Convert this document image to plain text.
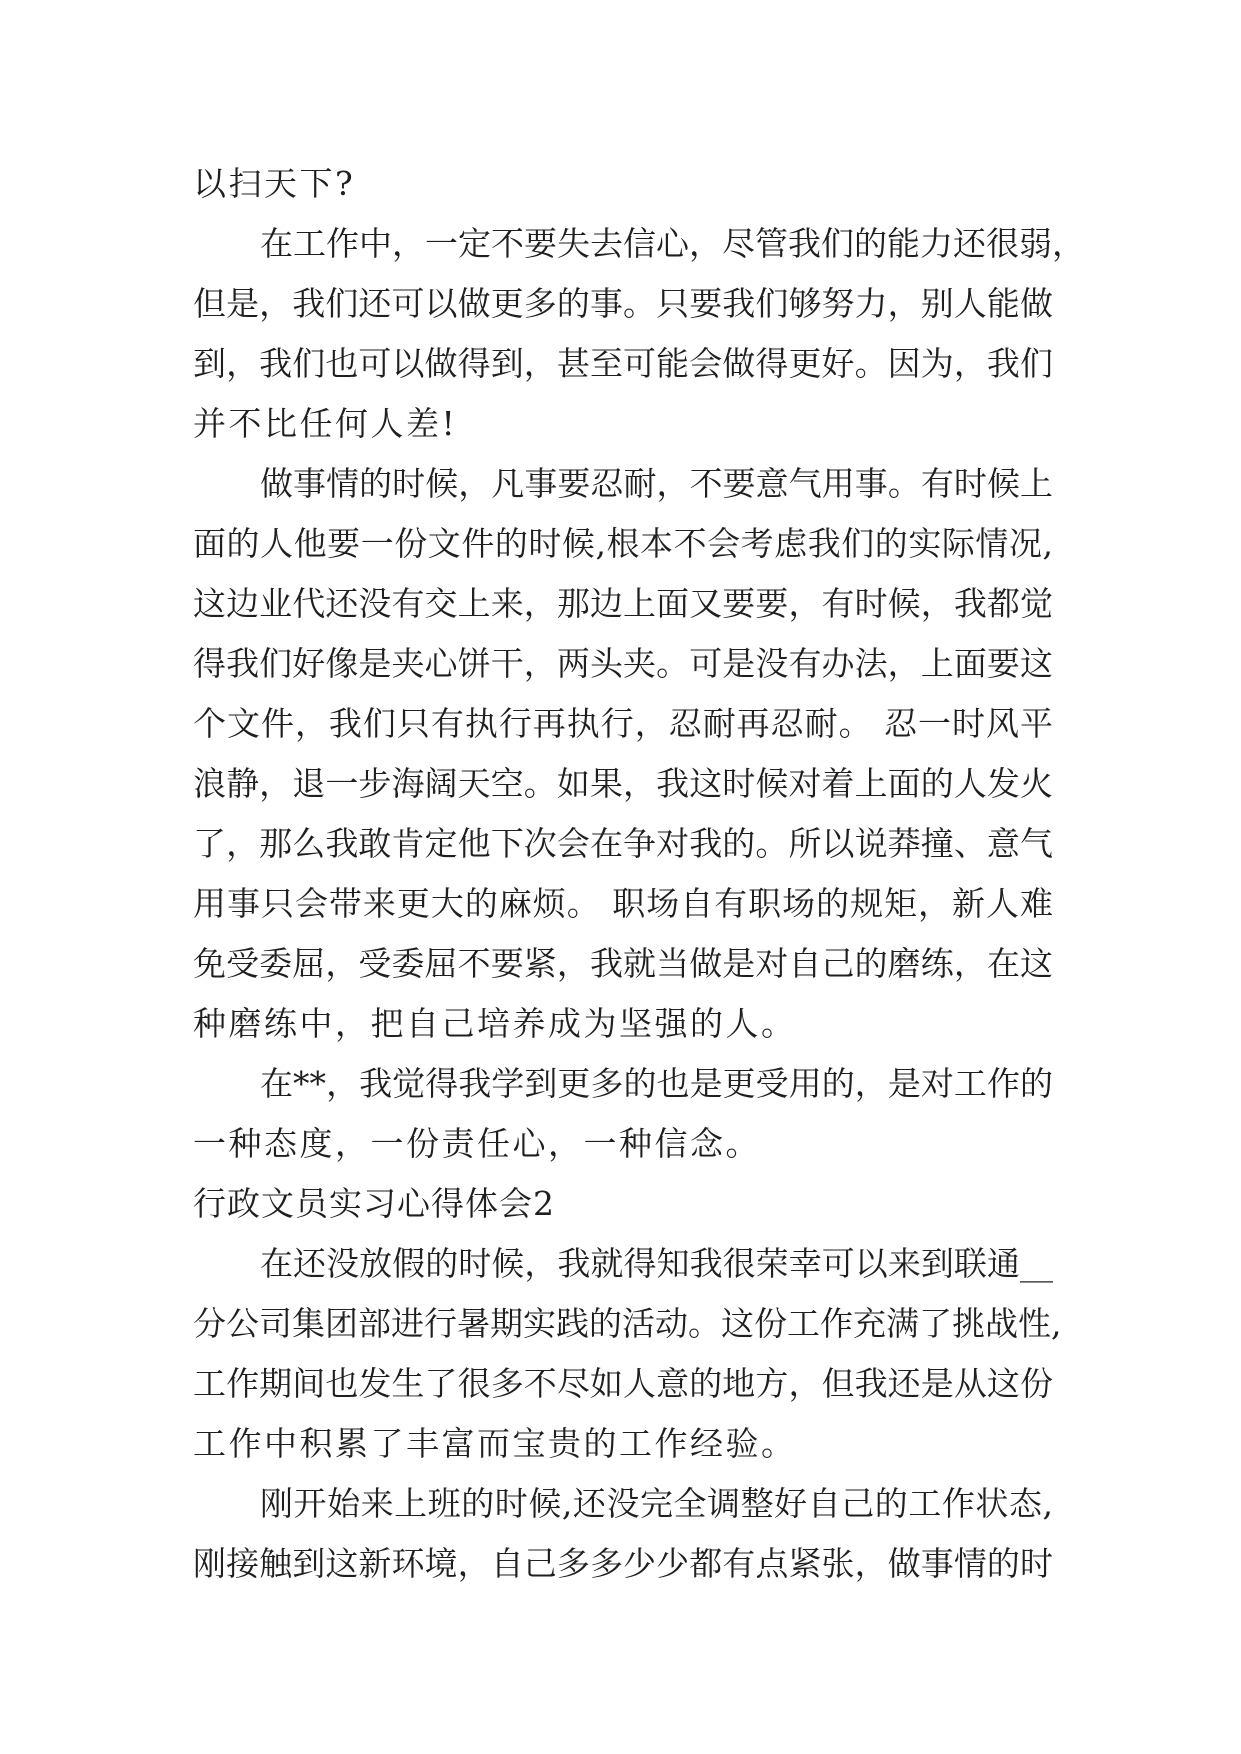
以扫天下?
在工作中，一定不要失去信心，尽管我们的能力还很弱，
但是，我们还可以做更多的事。只要我们够努力，别人能做
到，我们也可以做得到，甚至可能会做得更好。因为，我们
并不比任何人差!
做事情的时候，凡事要忍耐，不要意气用事。有时候上
面的人他要一份文件的时候,根本不会考虑我们的实际情况,
这边业代还没有交上来，那边上面又要要，有时候，我都觉
得我们好像是夹心饼干，两头夹。可是没有办法，上面要这
个文件，我们只有执行再执行，忍耐再忍耐。 忍一时风平
浪静，退一步海阔天空。如果，我这时候对着上面的人发火
了，那么我敢肯定他下次会在争对我的。所以说莽撞、意气
用事只会带来更大的麻烦。 职场自有职场的规矩，新人难
免受委屈，受委屈不要紧，我就当做是对自己的磨练，在这
种磨练中，把自己培养成为坚强的人。
在**，我觉得我学到更多的也是更受用的，是对工作的
一种态度，一份责任心，一种信念。
行政文员实习心得体会2
在还没放假的时候，我就得知我很荣幸可以来到联通__
分公司集团部进行暑期实践的活动。这份工作充满了挑战性,
工作期间也发生了很多不尽如人意的地方，但我还是从这份
工作中积累了丰富而宝贵的工作经验。
刚开始来上班的时候,还没完全调整好自己的工作状态,
刚接触到这新环境，自己多多少少都有点紧张，做事情的时
